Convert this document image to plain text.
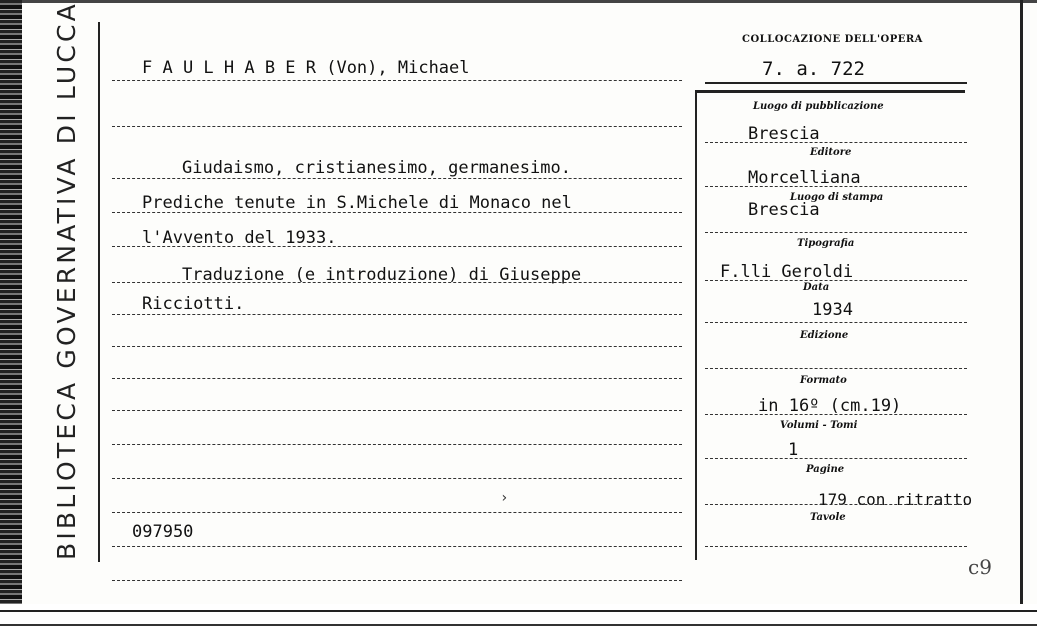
BIBLIOTECA GOVERNATIVA DI LUCCA	COLLOCAZIONE DELL'OPERA
7. a. 722
F A U L H A B E R (Von), Michael
Giudaismo, cristianesimo, germanesimo.
Prediche tenute in S.Michele di Monaco nel
l'Avvento del 1933.
Traduzione (e introduzione) di Giuseppe
Ricciotti.
097950
›
Luogo di pubblicazione
Brescia
Editore
Morcelliana
Luogo di stampa
Brescia
Tipografia
F.lli Geroldi
Data
1934
Edizione
Formato
in 16º (cm.19)
Volumi - Tomi
1
Pagine
179 con ritratto
Tavole
c9
